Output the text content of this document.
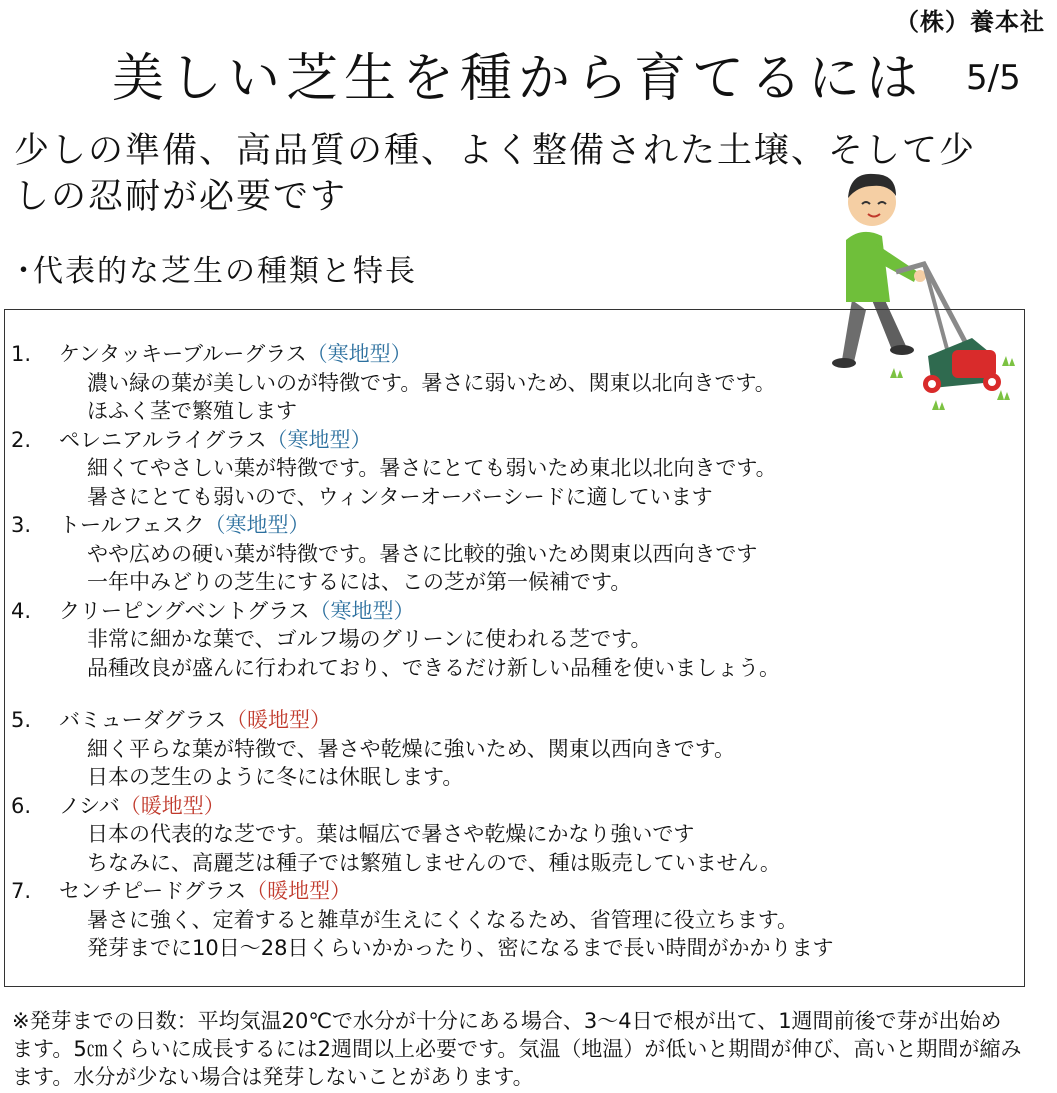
（株）養本社
美しい芝生を種から育てるには 5/5
少しの準備、高品質の種、よく整備された土壌、そして少しの忍耐が必要です
･代表的な芝生の種類と特長
1.	ケンタッキーブルーグラス （寒地型）
濃い緑の葉が美しいのが特徴です。暑さに弱いため、関東以北向きです。
ほふく茎で繁殖します
2.	ペレニアルライグラス （寒地型）
細くてやさしい葉が特徴です。暑さにとても弱いため東北以北向きです。
暑さにとても弱いので、ウィンターオーバーシードに適しています
3.	トールフェスク （寒地型）
やや広めの硬い葉が特徴です。暑さに比較的強いため関東以西向きです
一年中みどりの芝生にするには、この芝が第一候補です。
4.	クリーピングベントグラス （寒地型）
非常に細かな葉で、ゴルフ場のグリーンに使われる芝です。
品種改良が盛んに行われており、できるだけ新しい品種を使いましょう。
5.	バミューダグラス （暖地型）
細く平らな葉が特徴で、暑さや乾燥に強いため、関東以西向きです。
日本の芝生のように冬には休眠します。
6.	ノシバ （暖地型）
日本の代表的な芝です。葉は幅広で暑さや乾燥にかなり強いです
ちなみに、高麗芝は種子では繁殖しませんので、種は販売していません。
7.	センチピードグラス （暖地型）
暑さに強く、定着すると雑草が生えにくくなるため、省管理に役立ちます。
発芽までに10日～28日くらいかかったり、密になるまで長い時間がかかります
※発芽までの日数：平均気温20℃で水分が十分にある場合、3～4日で根が出て、1週間前後で芽が出始めます。5㎝くらいに成長するには2週間以上必要です。気温（地温）が低いと期間が伸び、高いと期間が縮みます。水分が少ない場合は発芽しないことがあります。
